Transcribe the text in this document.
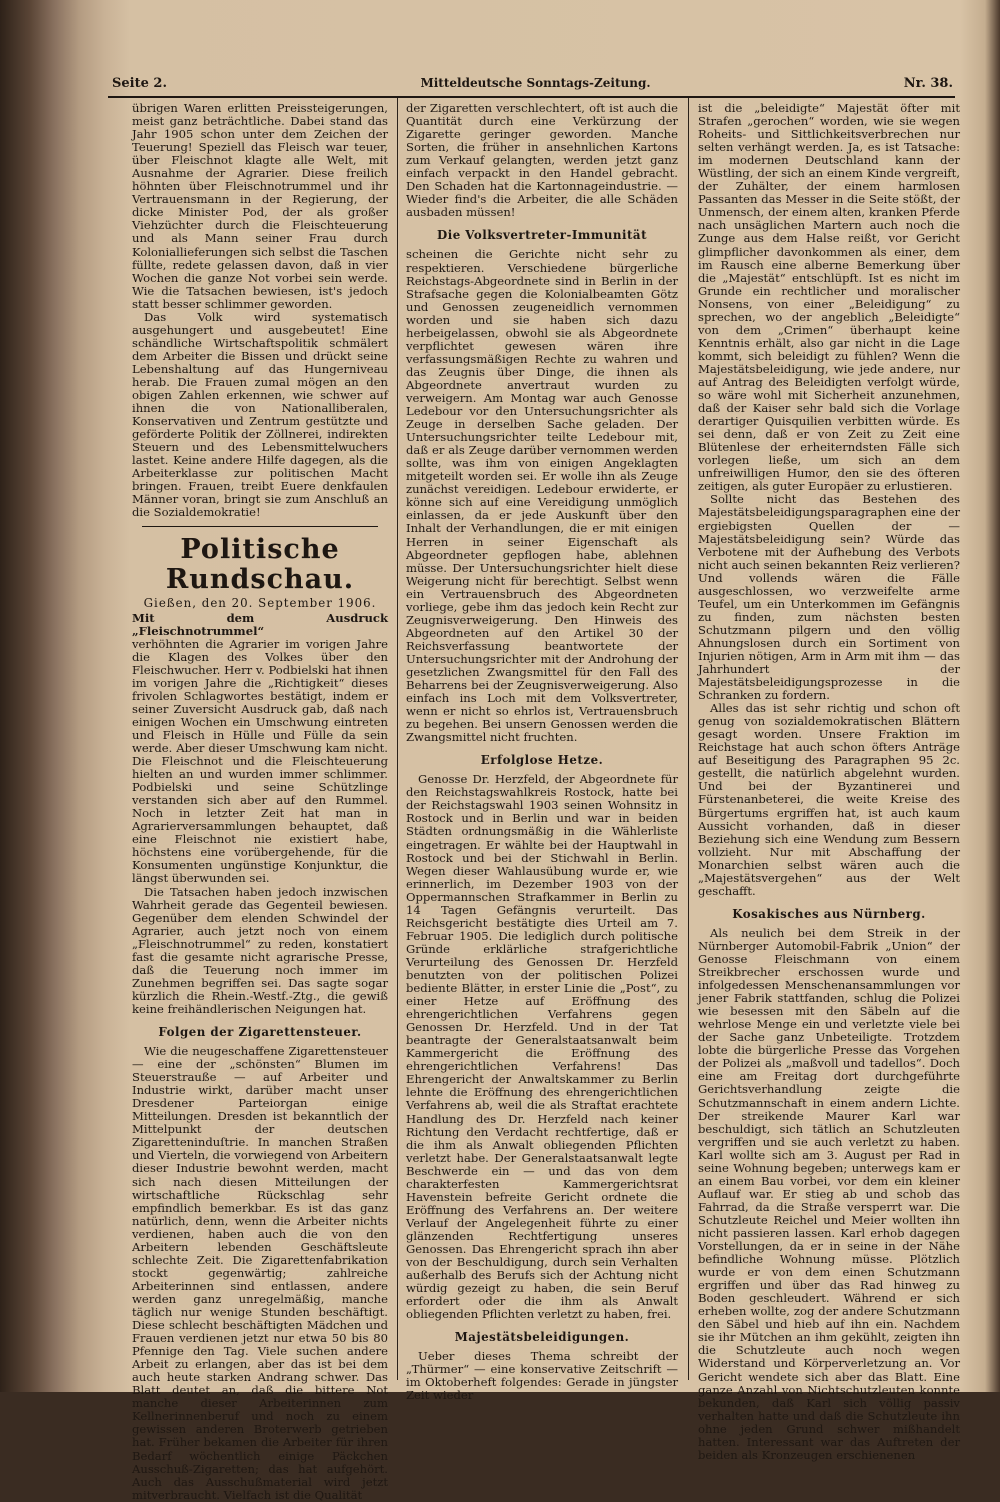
Seite 2.	Mitteldeutsche Sonntags-Zeitung.	Nr. 38.

übrigen Waren erlitten Preissteigerungen, meist ganz beträchtliche. Dabei stand das Jahr 1905 schon unter dem Zeichen der Teuerung! Speziell das Fleisch war teuer, über Fleischnot klagte alle Welt, mit Ausnahme der Agrarier. Diese freilich höhnten über Fleischnotrummel und ihr Vertrauensmann in der Regierung, der dicke Minister Pod, der als großer Viehzüchter durch die Fleischteuerung und als Mann seiner Frau durch Koloniallieferungen sich selbst die Taschen füllte, redete gelassen davon, daß in vier Wochen die ganze Not vorbei sein werde. Wie die Tatsachen bewiesen, ist's jedoch statt besser schlimmer geworden.

Das Volk wird systematisch ausgehungert und ausgebeutet! Eine schändliche Wirtschaftspolitik schmälert dem Arbeiter die Bissen und drückt seine Lebenshaltung auf das Hungerniveau herab. Die Frauen zumal mögen an den obigen Zahlen erkennen, wie schwer auf ihnen die von Nationalliberalen, Konservativen und Zentrum gestützte und geförderte Politik der Zöllnerei, indirekten Steuern und des Lebensmittelwuchers lastet. Keine andere Hilfe dagegen, als die Arbeiterklasse zur politischen Macht bringen. Frauen, treibt Euere denkfaulen Männer voran, bringt sie zum Anschluß an die Sozialdemokratie!

Politische Rundschau.
Gießen, den 20. September 1906.

Mit dem Ausdruck „Fleischnotrummel“

verhöhnten die Agrarier im vorigen Jahre die Klagen des Volkes über den Fleischwucher. Herr v. Podbielski hat ihnen im vorigen Jahre die „Richtigkeit“ dieses frivolen Schlagwortes bestätigt, indem er seiner Zuversicht Ausdruck gab, daß nach einigen Wochen ein Umschwung eintreten und Fleisch in Hülle und Fülle da sein werde. Aber dieser Umschwung kam nicht. Die Fleischnot und die Fleischteuerung hielten an und wurden immer schlimmer. Podbielski und seine Schützlinge verstanden sich aber auf den Rummel. Noch in letzter Zeit hat man in Agrarierversammlungen behauptet, daß eine Fleischnot nie existiert habe, höchstens eine vorübergehende, für die Konsumenten ungünstige Konjunktur, die längst überwunden sei.

Die Tatsachen haben jedoch inzwischen Wahrheit gerade das Gegenteil bewiesen. Gegenüber dem elenden Schwindel der Agrarier, auch jetzt noch von einem „Fleischnotrummel“ zu reden, konstatiert fast die gesamte nicht agrarische Presse, daß die Teuerung noch immer im Zunehmen begriffen sei. Das sagte sogar kürzlich die Rhein.-Westf.-Ztg., die gewiß keine freihändlerischen Neigungen hat.

Folgen der Zigarettensteuer.

Wie die neugeschaffene Zigarettensteuer — eine der „schönsten“ Blumen im Steuerstrauße — auf Arbeiter und Industrie wirkt, darüber macht unser Dresdener Parteiorgan einige Mitteilungen. Dresden ist bekanntlich der Mittelpunkt der deutschen Zigaretteninduſtrie. In manchen Straßen und Vierteln, die vorwiegend von Arbeitern dieser Industrie bewohnt werden, macht sich nach diesen Mitteilungen der wirtschaftliche Rückschlag sehr empfindlich bemerkbar. Es ist das ganz natürlich, denn, wenn die Arbeiter nichts verdienen, haben auch die von den Arbeitern lebenden Geschäftsleute schlechte Zeit. Die Zigarettenfabrikation stockt gegenwärtig; zahlreiche Arbeiterinnen sind entlassen, andere werden ganz unregelmäßig, manche täglich nur wenige Stunden beschäftigt. Diese schlecht beschäftigten Mädchen und Frauen verdienen jetzt nur etwa 50 bis 80 Pfennige den Tag. Viele suchen andere Arbeit zu erlangen, aber das ist bei dem auch heute starken Andrang schwer. Das Blatt deutet an, daß die bittere Not manche dieser Arbeiterinnen zum Kellnerinnenberuf und noch zu einem gewissen anderen Broterwerb getrieben hat. Früher bekamen die Arbeiter für ihren Bedarf wöchentlich einige Päckchen Ausschuß-Zigaretten; das hat aufgehört. Auch das Ausschußmaterial wird jetzt mitverbraucht. Vielfach ist die Qualität

der Zigaretten verschlechtert, oft ist auch die Quantität durch eine Verkürzung der Zigarette geringer geworden. Manche Sorten, die früher in ansehnlichen Kartons zum Verkauf gelangten, werden jetzt ganz einfach verpackt in den Handel gebracht. Den Schaden hat die Kartonnageindustrie. — Wieder find's die Arbeiter, die alle Schäden ausbaden müssen!

Die Volksvertreter-Immunität

scheinen die Gerichte nicht sehr zu respektieren. Verschiedene bürgerliche Reichstags-Abgeordnete sind in Berlin in der Strafsache gegen die Kolonialbeamten Götz und Genossen zeugeneidlich vernommen worden und sie haben sich dazu herbeigelassen, obwohl sie als Abgeordnete verpflichtet gewesen wären ihre verfassungsmäßigen Rechte zu wahren und das Zeugnis über Dinge, die ihnen als Abgeordnete anvertraut wurden zu verweigern. Am Montag war auch Genosse Ledebour vor den Untersuchungsrichter als Zeuge in derselben Sache geladen. Der Untersuchungsrichter teilte Ledebour mit, daß er als Zeuge darüber vernommen werden sollte, was ihm von einigen Angeklagten mitgeteilt worden sei. Er wolle ihn als Zeuge zunächst vereidigen. Ledebour erwiderte, er könne sich auf eine Vereidigung unmöglich einlassen, da er jede Auskunft über den Inhalt der Verhandlungen, die er mit einigen Herren in seiner Eigenschaft als Abgeordneter gepflogen habe, ablehnen müsse. Der Untersuchungsrichter hielt diese Weigerung nicht für berechtigt. Selbst wenn ein Vertrauensbruch des Abgeordneten vorliege, gebe ihm das jedoch kein Recht zur Zeugnisverweigerung. Den Hinweis des Abgeordneten auf den Artikel 30 der Reichsverfassung beantwortete der Untersuchungsrichter mit der Androhung der gesetzlichen Zwangsmittel für den Fall des Beharrens bei der Zeugnisverweigerung. Also einfach ins Loch mit dem Volksvertreter, wenn er nicht so ehrlos ist, Vertrauensbruch zu begehen. Bei unsern Genossen werden die Zwangsmittel nicht fruchten.

Erfolglose Hetze.

Genosse Dr. Herzfeld, der Abgeordnete für den Reichstagswahlkreis Rostock, hatte bei der Reichstagswahl 1903 seinen Wohnsitz in Rostock und in Berlin und war in beiden Städten ordnungsmäßig in die Wählerliste eingetragen. Er wählte bei der Hauptwahl in Rostock und bei der Stichwahl in Berlin. Wegen dieser Wahlausübung wurde er, wie erinnerlich, im Dezember 1903 von der Oppermannschen Strafkammer in Berlin zu 14 Tagen Gefängnis verurteilt. Das Reichsgericht bestätigte dies Urteil am 7. Februar 1905. Die lediglich durch politische Gründe erklärliche strafgerichtliche Verurteilung des Genossen Dr. Herzfeld benutzten von der politischen Polizei bediente Blätter, in erster Linie die „Post“, zu einer Hetze auf Eröffnung des ehrengerichtlichen Verfahrens gegen Genossen Dr. Herzfeld. Und in der Tat beantragte der Generalstaatsanwalt beim Kammergericht die Eröffnung des ehrengerichtlichen Verfahrens! Das Ehrengericht der Anwaltskammer zu Berlin lehnte die Eröffnung des ehrengerichtlichen Verfahrens ab, weil die als Straftat erachtete Handlung des Dr. Herzfeld nach keiner Richtung den Verdacht rechtfertige, daß er die ihm als Anwalt obliegenden Pflichten verletzt habe. Der Generalstaatsanwalt legte Beschwerde ein — und das von dem charakterfesten Kammergerichtsrat Havenstein befreite Gericht ordnete die Eröffnung des Verfahrens an. Der weitere Verlauf der Angelegenheit führte zu einer glänzenden Rechtfertigung unseres Genossen. Das Ehrengericht sprach ihn aber von der Beschuldigung, durch sein Verhalten außerhalb des Berufs sich der Achtung nicht würdig gezeigt zu haben, die sein Beruf erfordert oder die ihm als Anwalt obliegenden Pflichten verletzt zu haben, frei.

Majestätsbeleidigungen.

Ueber dieses Thema schreibt der „Thürmer“ — eine konservative Zeitschrift — im Oktoberheft folgendes: Gerade in jüngster Zeit wieder

ist die „beleidigte“ Majestät öfter mit Strafen „gerochen“ worden, wie sie wegen Roheits- und Sittlichkeitsverbrechen nur selten verhängt werden. Ja, es ist Tatsache: im modernen Deutschland kann der Wüstling, der sich an einem Kinde vergreift, der Zuhälter, der einem harmlosen Passanten das Messer in die Seite stößt, der Unmensch, der einem alten, kranken Pferde nach unsäglichen Martern auch noch die Zunge aus dem Halse reißt, vor Gericht glimpflicher davonkommen als einer, dem im Rausch eine alberne Bemerkung über die „Majestät“ entschlüpft. Ist es nicht im Grunde ein rechtlicher und moralischer Nonsens, von einer „Beleidigung“ zu sprechen, wo der angeblich „Beleidigte“ von dem „Crimen“ überhaupt keine Kenntnis erhält, also gar nicht in die Lage kommt, sich beleidigt zu fühlen? Wenn die Majestätsbeleidigung, wie jede andere, nur auf Antrag des Beleidigten verfolgt würde, so wäre wohl mit Sicherheit anzunehmen, daß der Kaiser sehr bald sich die Vorlage derartiger Quisquilien verbitten würde. Es sei denn, daß er von Zeit zu Zeit eine Blütenlese der erheiterndsten Fälle sich vorlegen ließe, um sich an dem unfreiwilligen Humor, den sie des öfteren zeitigen, als guter Europäer zu erlustieren.

Sollte nicht das Bestehen des Majestätsbeleidigungsparagraphen eine der ergiebigsten Quellen der — Majestätsbeleidigung sein? Würde das Verbotene mit der Aufhebung des Verbots nicht auch seinen bekannten Reiz verlieren? Und vollends wären die Fälle ausgeschlossen, wo verzweifelte arme Teufel, um ein Unterkommen im Gefängnis zu finden, zum nächsten besten Schutzmann pilgern und den völlig Ahnungslosen durch ein Sortiment von Injurien nötigen, Arm in Arm mit ihm — das Jahrhundert der Majestätsbeleidigungsprozesse in die Schranken zu fordern.

Alles das ist sehr richtig und schon oft genug von sozialdemokratischen Blättern gesagt worden. Unsere Fraktion im Reichstage hat auch schon öfters Anträge auf Beseitigung des Paragraphen 95 2c. gestellt, die natürlich abgelehnt wurden. Und bei der Byzantinerei und Fürstenanbeterei, die weite Kreise des Bürgertums ergriffen hat, ist auch kaum Aussicht vorhanden, daß in dieser Beziehung sich eine Wendung zum Bessern vollzieht. Nur mit Abschaffung der Monarchien selbst wären auch die „Majestätsvergehen“ aus der Welt geschafft.

Kosakisches aus Nürnberg.

Als neulich bei dem Streik in der Nürnberger Automobil-Fabrik „Union“ der Genosse Fleischmann von einem Streikbrecher erschossen wurde und infolgedessen Menschenansammlungen vor jener Fabrik stattfanden, schlug die Polizei wie besessen mit den Säbeln auf die wehrlose Menge ein und verletzte viele bei der Sache ganz Unbeteiligte. Trotzdem lobte die bürgerliche Presse das Vorgehen der Polizei als „maßvoll und tadellos“. Doch eine am Freitag dort durchgeführte Gerichtsverhandlung zeigte die Schutzmannschaft in einem andern Lichte. Der streikende Maurer Karl war beschuldigt, sich tätlich an Schutzleuten vergriffen und sie auch verletzt zu haben. Karl wollte sich am 3. August per Rad in seine Wohnung begeben; unterwegs kam er an einem Bau vorbei, vor dem ein kleiner Auflauf war. Er stieg ab und schob das Fahrrad, da die Straße versperrt war. Die Schutzleute Reichel und Meier wollten ihn nicht passieren lassen. Karl erhob dagegen Vorstellungen, da er in seine in der Nähe befindliche Wohnung müsse. Plötzlich wurde er von dem einen Schutzmann ergriffen und über das Rad hinweg zu Boden geschleudert. Während er sich erheben wollte, zog der andere Schutzmann den Säbel und hieb auf ihn ein. Nachdem sie ihr Mütchen an ihm gekühlt, zeigten ihn die Schutzleute auch noch wegen Widerstand und Körperverletzung an. Vor Gericht wendete sich aber das Blatt. Eine ganze Anzahl von Nichtschutzleuten konnte bekunden, daß Karl sich völlig passiv verhalten hatte und daß die Schutzleute ihn ohne jeden Grund schwer mißhandelt hatten. Interessant war das Auftreten der beiden als Kronzeugen erschienenen
